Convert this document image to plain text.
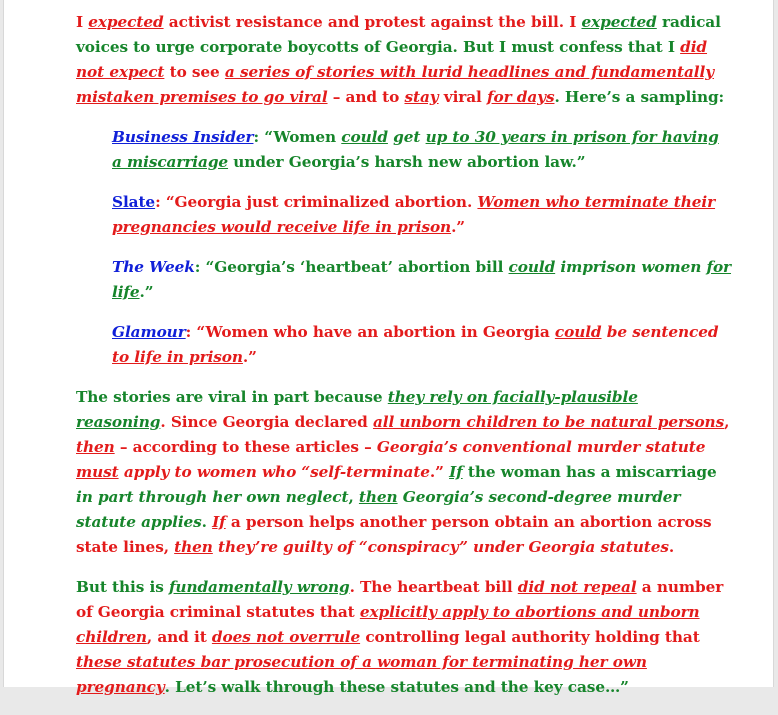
I expected activist resistance and protest against the bill. I expected radical voices to urge corporate boycotts of Georgia. But I must confess that I did not expect to see a series of stories with lurid headlines and fundamentally mistaken premises to go viral – and to stay viral for days. Here’s a sampling:

Business Insider: “Women could get up to 30 years in prison for having a miscarriage under Georgia’s harsh new abortion law.”

Slate: “Georgia just criminalized abortion. Women who terminate their pregnancies would receive life in prison.”

The Week: “Georgia’s ‘heartbeat’ abortion bill could imprison women for life.”

Glamour: “Women who have an abortion in Georgia could be sentenced to life in prison.”

The stories are viral in part because they rely on facially-plausible reasoning. Since Georgia declared all unborn children to be natural persons, then – according to these articles – Georgia’s conventional murder statute must apply to women who “self-terminate.” If the woman has a miscarriage in part through her own neglect, then Georgia’s second-degree murder statute applies. If a person helps another person obtain an abortion across state lines, then they’re guilty of “conspiracy” under Georgia statutes.

But this is fundamentally wrong. The heartbeat bill did not repeal a number of Georgia criminal statutes that explicitly apply to abortions and unborn children, and it does not overrule controlling legal authority holding that these statutes bar prosecution of a woman for terminating her own pregnancy. Let’s walk through these statutes and the key case…”
